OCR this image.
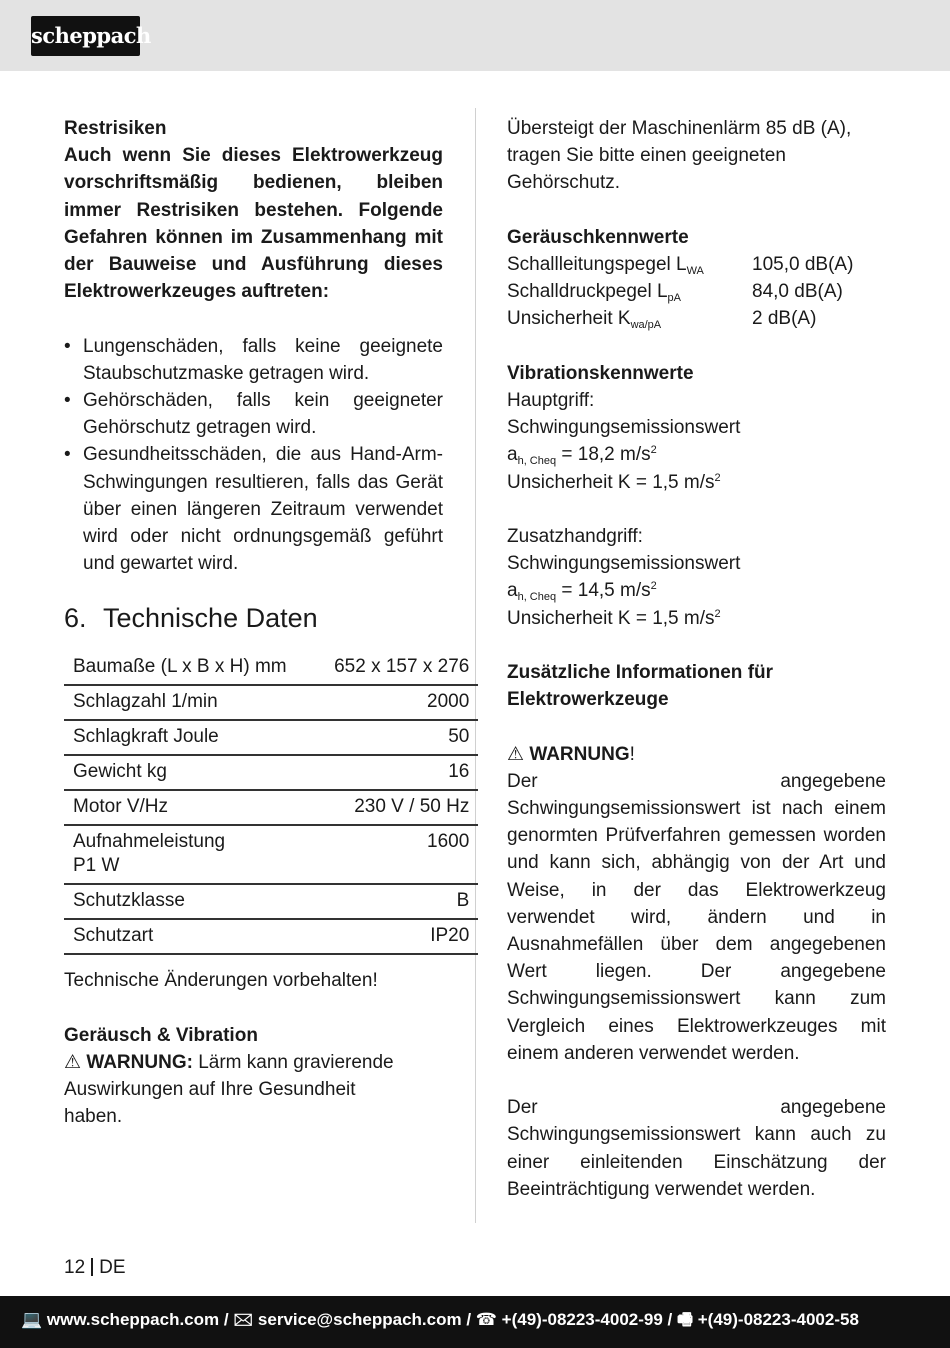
scheppach
Restrisiken
Auch wenn Sie dieses Elektrowerkzeug vorschriftsmäßig bedienen, bleiben immer Restrisiken bestehen. Folgende Gefahren können im Zusammenhang mit der Bauweise und Ausführung dieses Elektrowerkzeuges auftreten:
• Lungenschäden, falls keine geeignete Staubschutzmaske getragen wird.
• Gehörschäden, falls kein geeigneter Gehörschutz getragen wird.
• Gesundheitsschäden, die aus Hand-Arm-Schwingungen resultieren, falls das Gerät über einen längeren Zeitraum verwendet wird oder nicht ordnungsgemäß geführt und gewartet wird.
6. Technische Daten
Baumaße (L x B x H) mm	652 x 157 x 276
Schlagzahl 1/min	2000
Schlagkraft Joule	50
Gewicht kg	16
Motor V/Hz	230 V / 50 Hz
Aufnahmeleistung P1 W	1600
Schutzklasse	B
Schutzart	IP20
Technische Änderungen vorbehalten!
Geräusch & Vibration
⚠ WARNUNG: Lärm kann gravierende Auswirkungen auf Ihre Gesundheit haben.
Übersteigt der Maschinenlärm 85 dB (A), tragen Sie bitte einen geeigneten Gehörschutz.
Geräuschkennwerte
Schallleitungspegel $L_{WA}$	105,0 dB(A)
Schalldruckpegel $L_{pA}$	84,0 dB(A)
Unsicherheit $K_{wa/pA}$	2 dB(A)
Vibrationskennwerte
Hauptgriff:
Schwingungsemissionswert
$a_{h, Cheq} = 18,2$ $m/s^2$
Unsicherheit K = 1,5 $m/s^2$
Zusatzhandgriff:
Schwingungsemissionswert
$a_{h, Cheq} = 14,5$ $m/s^2$
Unsicherheit K = 1,5 $m/s^2$
Zusätzliche Informationen für Elektrowerkzeuge
⚠ WARNUNG!
Der angegebene Schwingungsemissionswert ist nach einem genormten Prüfverfahren gemessen worden und kann sich, abhängig von der Art und Weise, in der das Elektrowerkzeug verwendet wird, ändern und in Ausnahmefällen über dem angegebenen Wert liegen. Der angegebene Schwingungsemissionswert kann zum Vergleich eines Elektrowerkzeuges mit einem anderen verwendet werden.
Der angegebene Schwingungsemissionswert kann auch zu einer einleitenden Einschätzung der Beeinträchtigung verwendet werden.
12 DE
💻 www.scheppach.com / 🖂 service@scheppach.com / ☎ +(49)-08223-4002-99 / 🖷 +(49)-08223-4002-58
